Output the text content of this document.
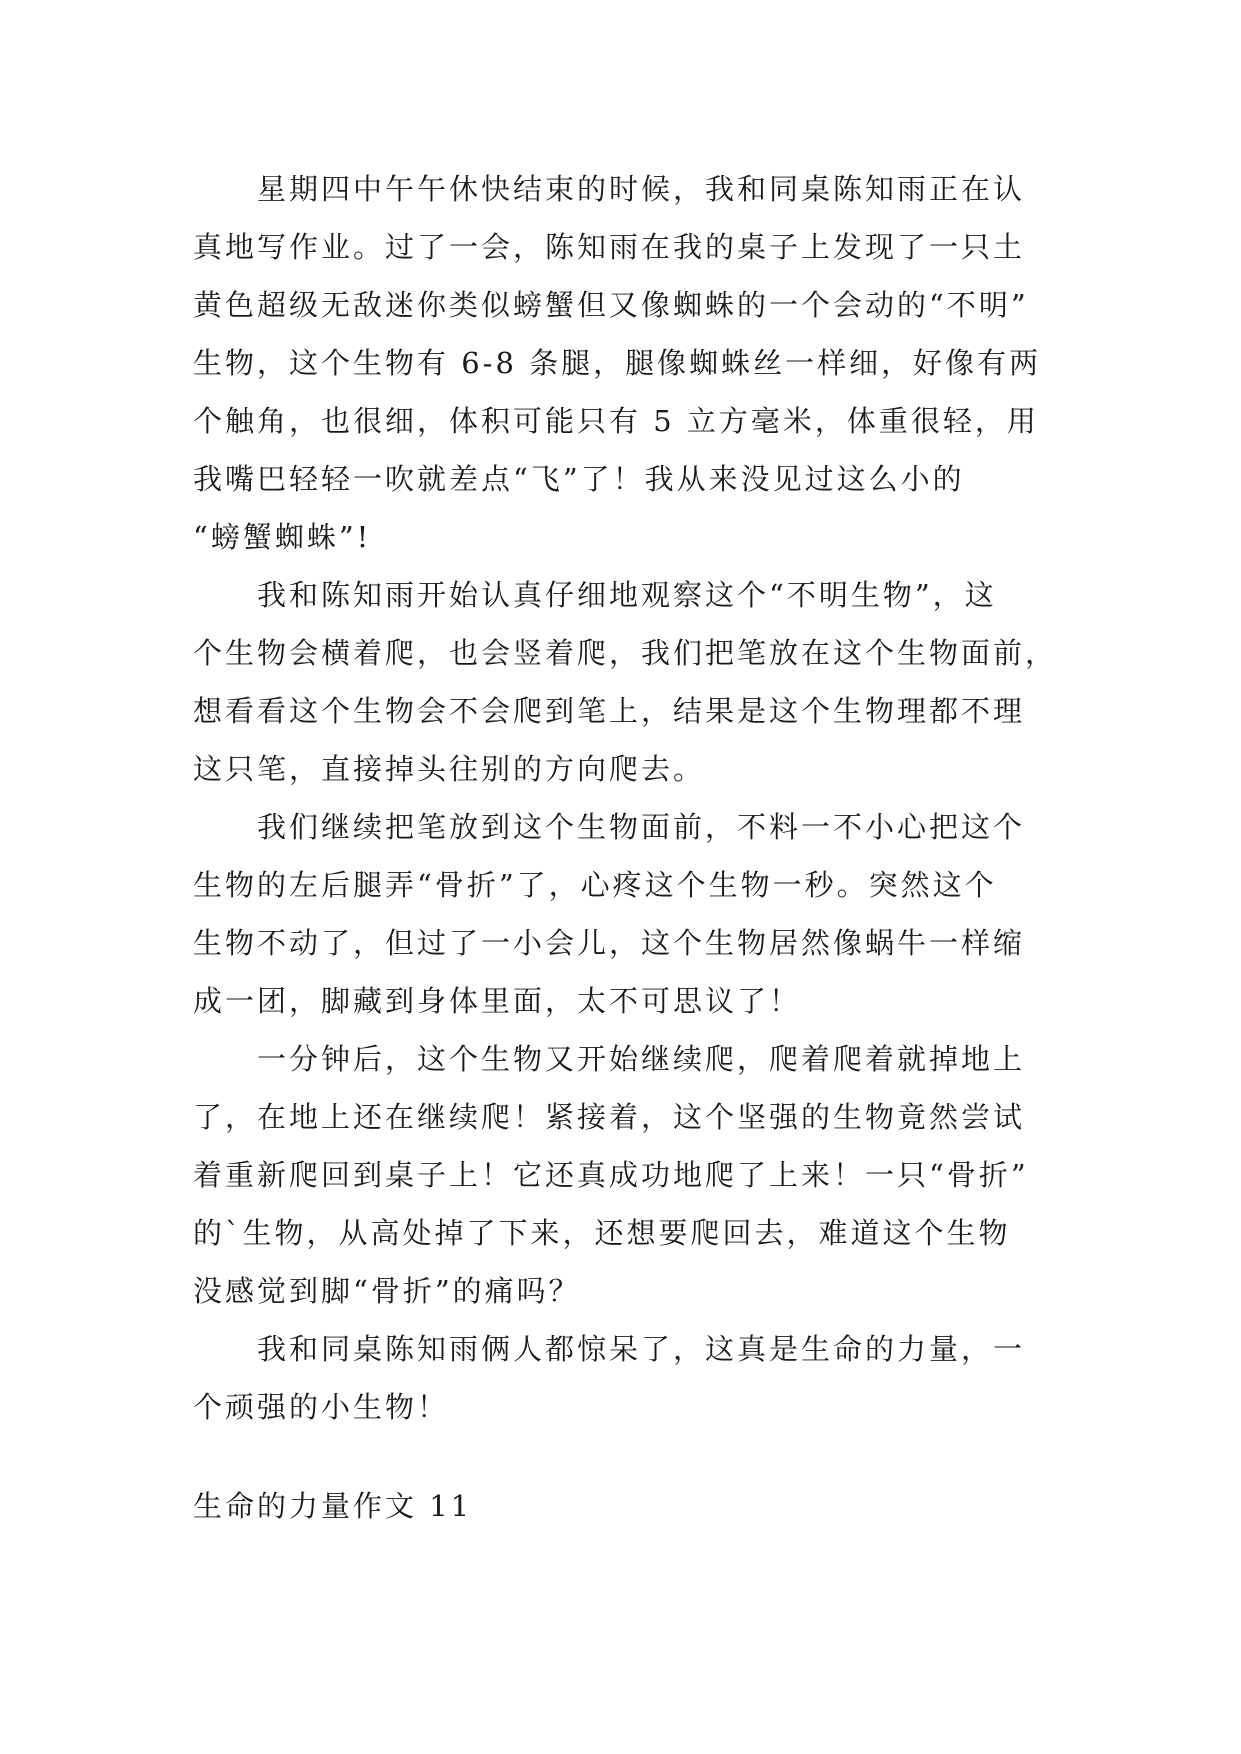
星期四中午午休快结束的时候，我和同桌陈知雨正在认
真地写作业。过了一会，陈知雨在我的桌子上发现了一只土
黄色超级无敌迷你类似螃蟹但又像蜘蛛的一个会动的“不明”
生物，这个生物有 6-8 条腿，腿像蜘蛛丝一样细，好像有两
个触角，也很细，体积可能只有 5 立方毫米，体重很轻，用
我嘴巴轻轻一吹就差点“飞”了！我从来没见过这么小的
“螃蟹蜘蛛”!
我和陈知雨开始认真仔细地观察这个“不明生物”，这
个生物会横着爬，也会竖着爬，我们把笔放在这个生物面前，
想看看这个生物会不会爬到笔上，结果是这个生物理都不理
这只笔，直接掉头往别的方向爬去。
我们继续把笔放到这个生物面前，不料一不小心把这个
生物的左后腿弄“骨折”了，心疼这个生物一秒。突然这个
生物不动了，但过了一小会儿，这个生物居然像蜗牛一样缩
成一团，脚藏到身体里面，太不可思议了！
一分钟后，这个生物又开始继续爬，爬着爬着就掉地上
了，在地上还在继续爬！紧接着，这个坚强的生物竟然尝试
着重新爬回到桌子上！它还真成功地爬了上来！一只“骨折”
的`生物，从高处掉了下来，还想要爬回去，难道这个生物
没感觉到脚“骨折”的痛吗？
我和同桌陈知雨俩人都惊呆了，这真是生命的力量，一
个顽强的小生物！
生命的力量作文 11
